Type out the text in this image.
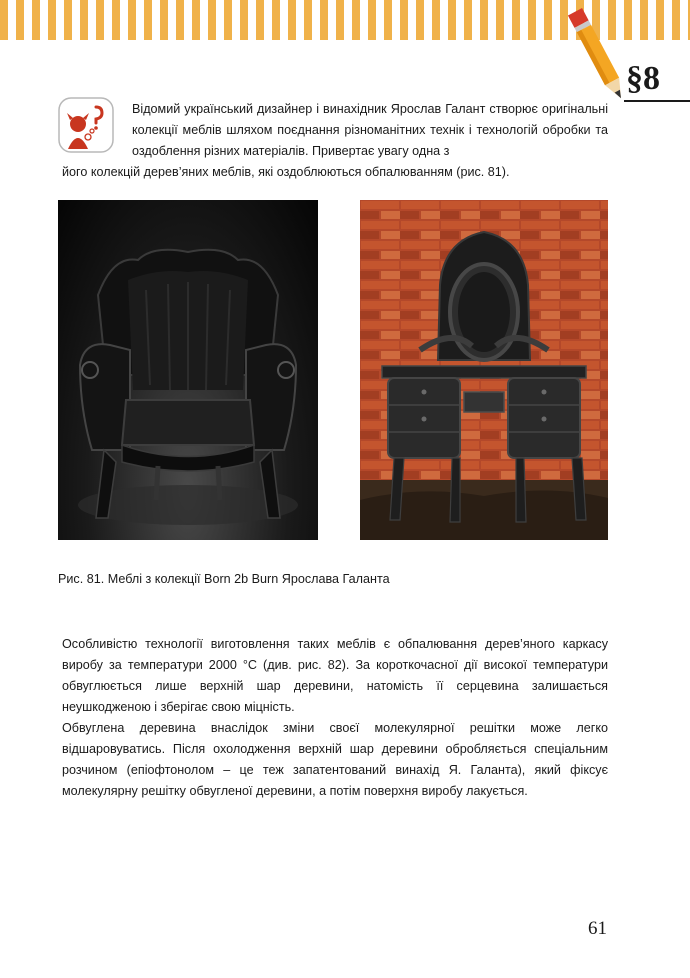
§8
Відомий український дизайнер і винахідник Ярослав Галант створює оригінальні колекції меблів шляхом поєднання різноманітних технік і технологій обробки та оздоблення різних матеріалів. Привертає увагу одна з
його колекцій дерев’яних меблів, які оздоблюються обпалюванням (рис. 81).
Рис. 81. Меблі з колекції Born 2b Burn Ярослава Галанта

Особливістю технології виготовлення таких меблів є обпалювання дерев’яного каркасу виробу за температури 2000 °C (див. рис. 82). За короткочасної дії високої температури обвуглюється лише верхній шар деревини, натомість її серцевина залишається неушкодженою і зберігає свою міцність.

Обвуглена деревина внаслідок зміни своєї молекулярної решітки може легко відшаровуватись. Після охолодження верхній шар деревини обробляється спеціальним розчином (епіофтонолом – це теж запатентований винахід Я. Галанта), який фіксує молекулярну решітку обвугленої деревини, а потім поверхня виробу лакується.

61
